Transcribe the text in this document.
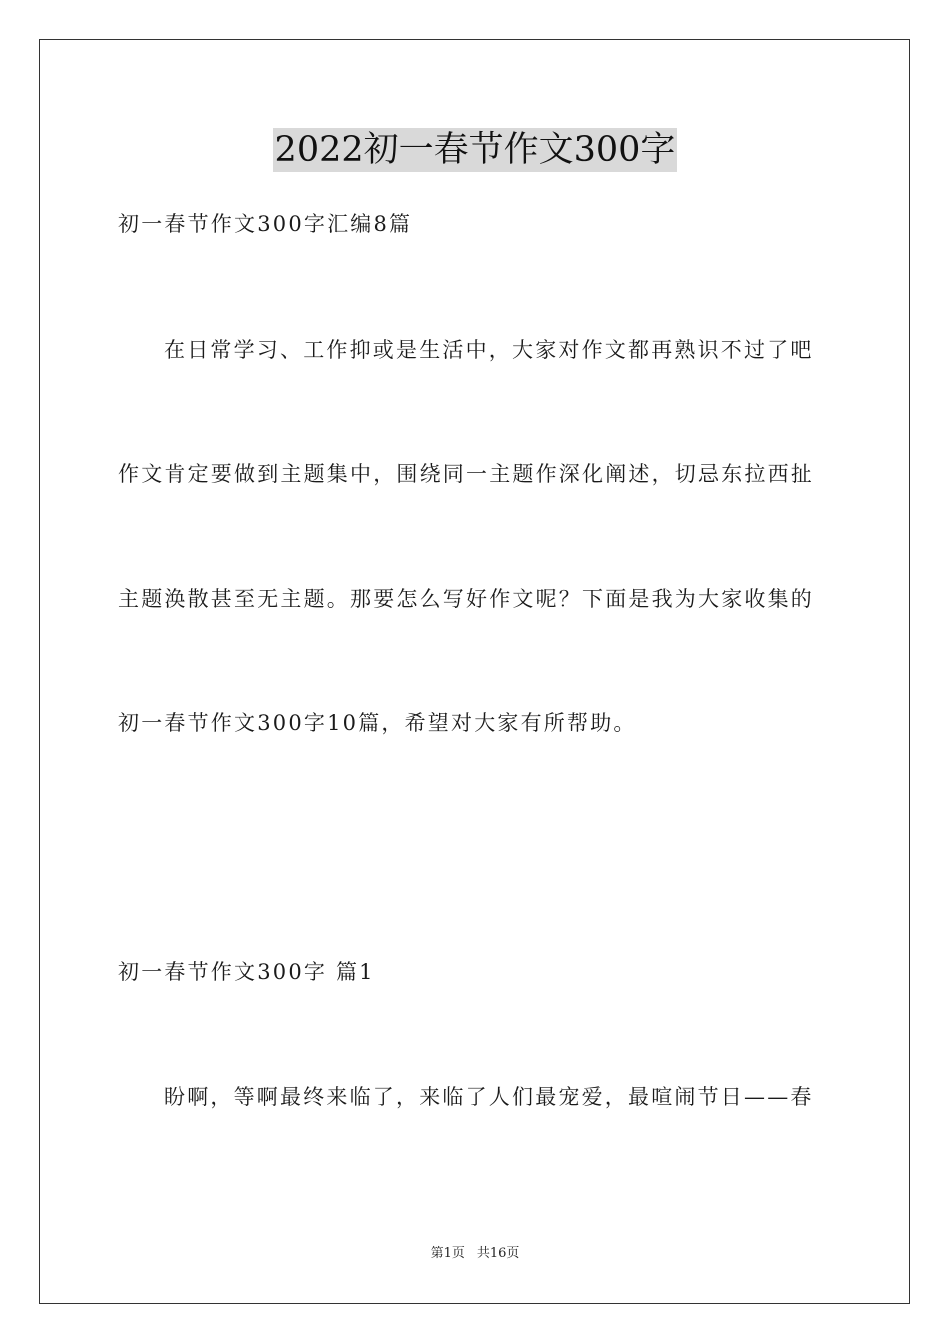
2022初一春节作文300字
初一春节作文300字汇编8篇
在日常学习、工作抑或是生活中，大家对作文都再熟识不过了吧
作文肯定要做到主题集中，围绕同一主题作深化阐述，切忌东拉西扯
主题涣散甚至无主题。那要怎么写好作文呢？下面是我为大家收集的
初一春节作文300字10篇，希望对大家有所帮助。
初一春节作文300字 篇1
盼啊，等啊最终来临了，来临了人们最宠爱，最喧闹节日——春
第1页 共16页
